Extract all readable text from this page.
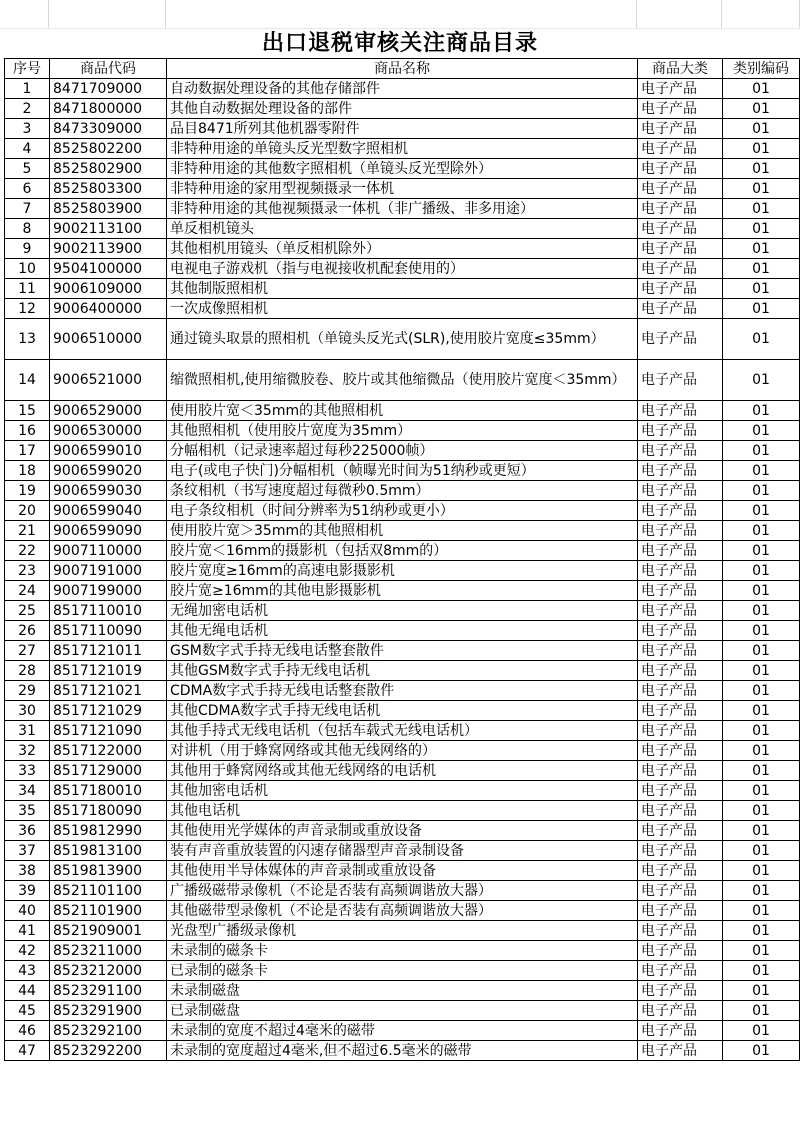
出口退税审核关注商品目录
序号	商品代码	商品名称	商品大类	类别编码
1	8471709000	自动数据处理设备的其他存储部件	电子产品	01
2	8471800000	其他自动数据处理设备的部件	电子产品	01
3	8473309000	品目8471所列其他机器零附件	电子产品	01
4	8525802200	非特种用途的单镜头反光型数字照相机	电子产品	01
5	8525802900	非特种用途的其他数字照相机（单镜头反光型除外）	电子产品	01
6	8525803300	非特种用途的家用型视频摄录一体机	电子产品	01
7	8525803900	非特种用途的其他视频摄录一体机（非广播级、非多用途）	电子产品	01
8	9002113100	单反相机镜头	电子产品	01
9	9002113900	其他相机用镜头（单反相机除外）	电子产品	01
10	9504100000	电视电子游戏机（指与电视接收机配套使用的）	电子产品	01
11	9006109000	其他制版照相机	电子产品	01
12	9006400000	一次成像照相机	电子产品	01
13	9006510000	通过镜头取景的照相机（单镜头反光式(SLR),使用胶片宽度≤35mm）	电子产品	01
14	9006521000	缩微照相机,使用缩微胶卷、胶片或其他缩微品（使用胶片宽度＜35mm）	电子产品	01
15	9006529000	使用胶片宽＜35mm的其他照相机	电子产品	01
16	9006530000	其他照相机（使用胶片宽度为35mm）	电子产品	01
17	9006599010	分幅相机（记录速率超过每秒225000帧）	电子产品	01
18	9006599020	电子(或电子快门)分幅相机（帧曝光时间为51纳秒或更短）	电子产品	01
19	9006599030	条纹相机（书写速度超过每微秒0.5mm）	电子产品	01
20	9006599040	电子条纹相机（时间分辨率为51纳秒或更小）	电子产品	01
21	9006599090	使用胶片宽＞35mm的其他照相机	电子产品	01
22	9007110000	胶片宽＜16mm的摄影机（包括双8mm的）	电子产品	01
23	9007191000	胶片宽度≥16mm的高速电影摄影机	电子产品	01
24	9007199000	胶片宽≥16mm的其他电影摄影机	电子产品	01
25	8517110010	无绳加密电话机	电子产品	01
26	8517110090	其他无绳电话机	电子产品	01
27	8517121011	GSM数字式手持无线电话整套散件	电子产品	01
28	8517121019	其他GSM数字式手持无线电话机	电子产品	01
29	8517121021	CDMA数字式手持无线电话整套散件	电子产品	01
30	8517121029	其他CDMA数字式手持无线电话机	电子产品	01
31	8517121090	其他手持式无线电话机（包括车载式无线电话机）	电子产品	01
32	8517122000	对讲机（用于蜂窝网络或其他无线网络的）	电子产品	01
33	8517129000	其他用于蜂窝网络或其他无线网络的电话机	电子产品	01
34	8517180010	其他加密电话机	电子产品	01
35	8517180090	其他电话机	电子产品	01
36	8519812990	其他使用光学媒体的声音录制或重放设备	电子产品	01
37	8519813100	装有声音重放装置的闪速存储器型声音录制设备	电子产品	01
38	8519813900	其他使用半导体媒体的声音录制或重放设备	电子产品	01
39	8521101100	广播级磁带录像机（不论是否装有高频调谐放大器）	电子产品	01
40	8521101900	其他磁带型录像机（不论是否装有高频调谐放大器）	电子产品	01
41	8521909001	光盘型广播级录像机	电子产品	01
42	8523211000	未录制的磁条卡	电子产品	01
43	8523212000	已录制的磁条卡	电子产品	01
44	8523291100	未录制磁盘	电子产品	01
45	8523291900	已录制磁盘	电子产品	01
46	8523292100	未录制的宽度不超过4毫米的磁带	电子产品	01
47	8523292200	未录制的宽度超过4毫米,但不超过6.5毫米的磁带	电子产品	01
